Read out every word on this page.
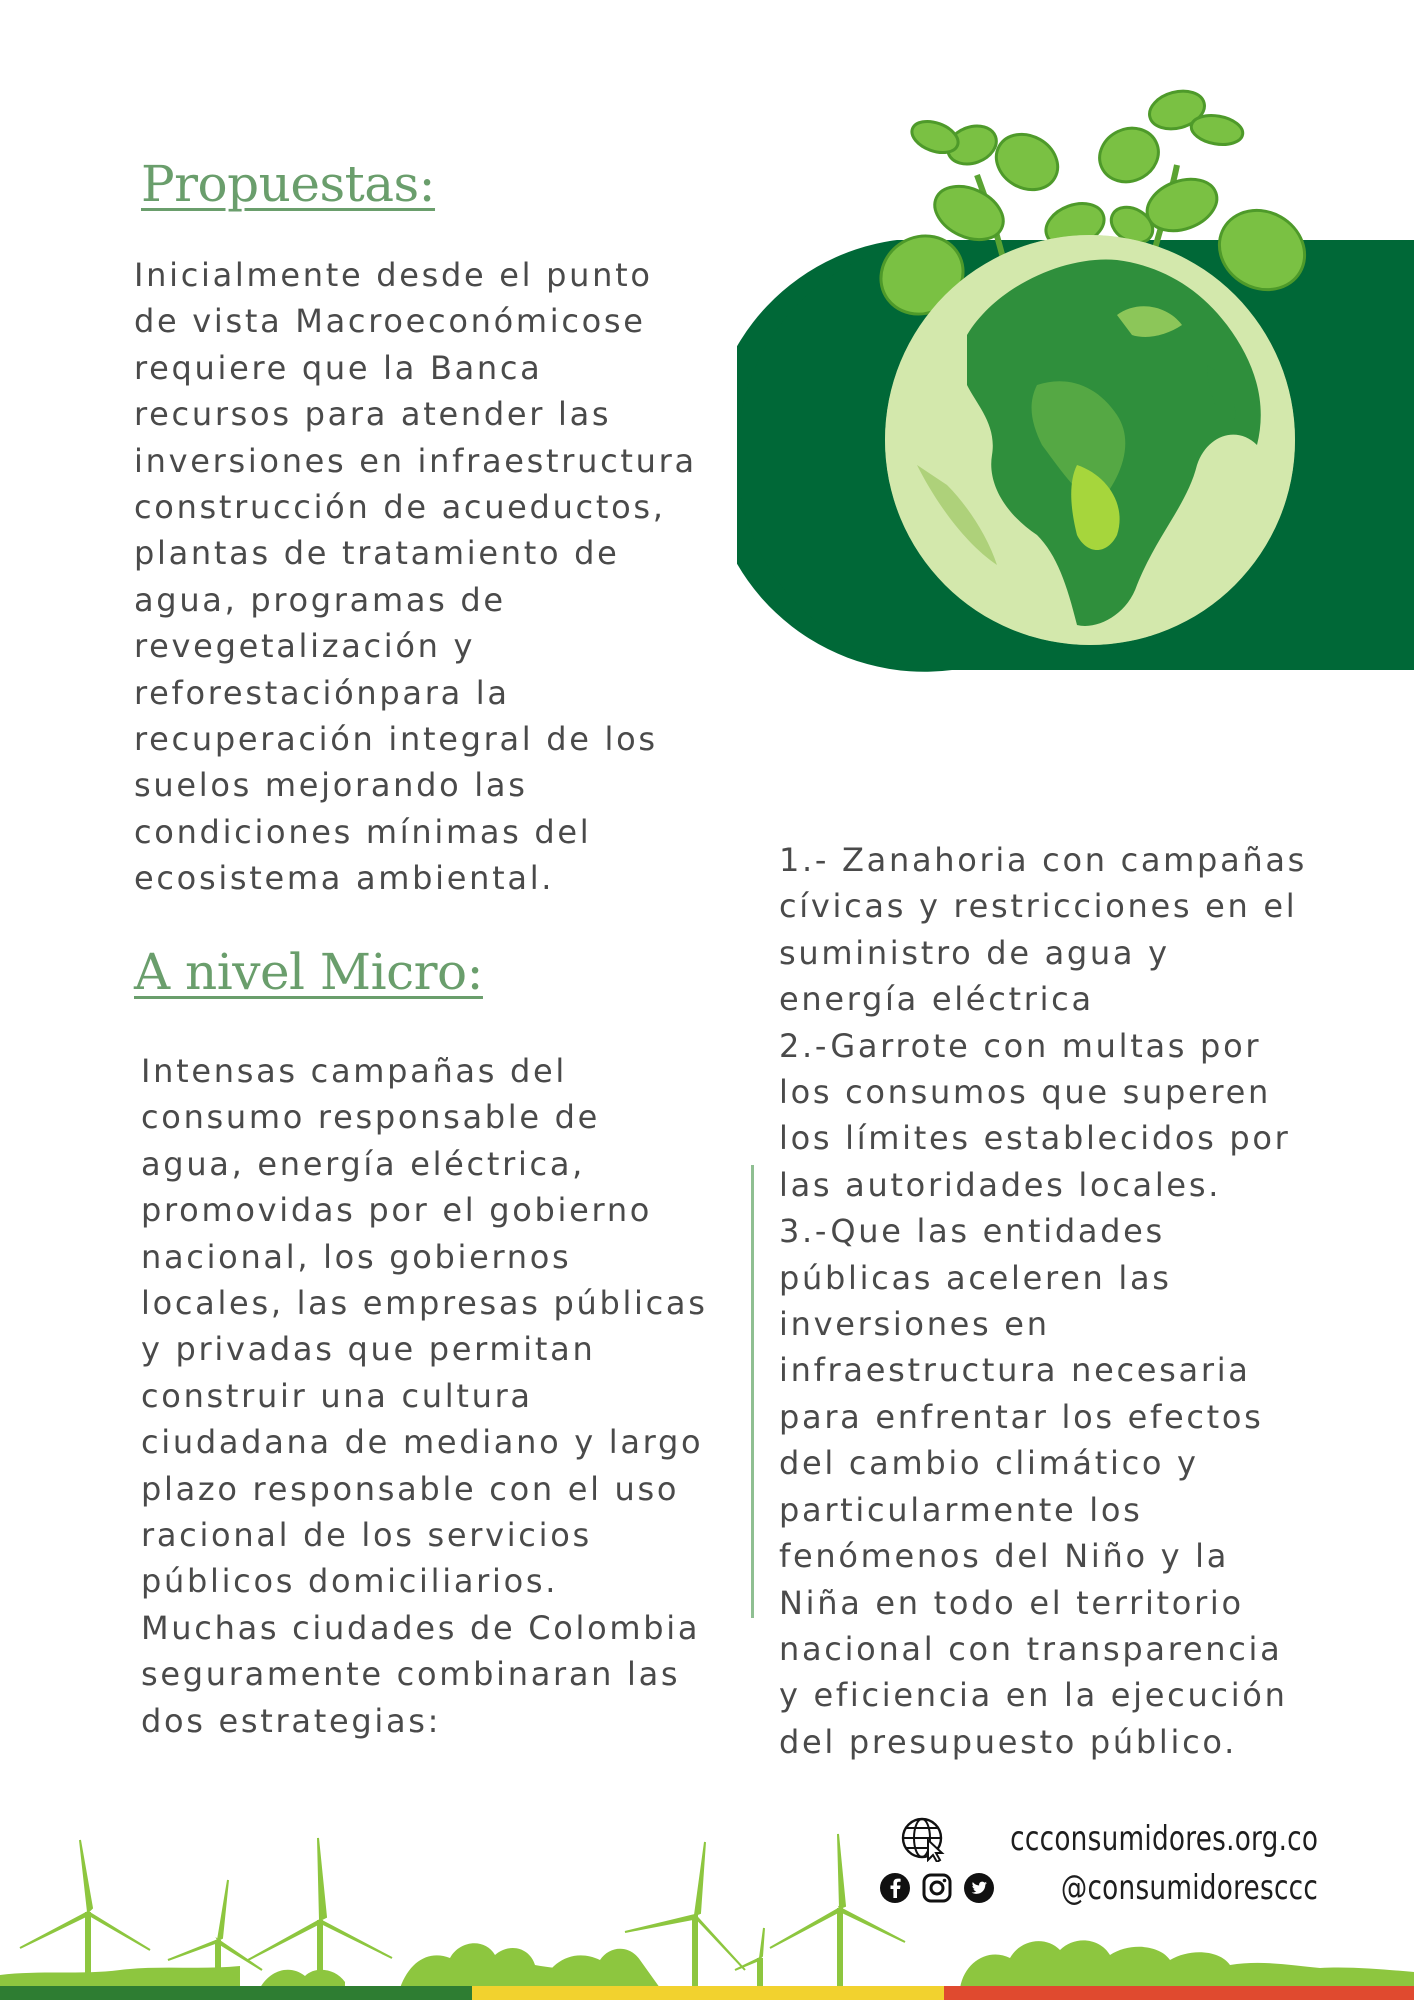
Propuestas:

Inicialmente desde el punto
de vista Macroeconómicose
requiere que la Banca
recursos para atender las
inversiones en infraestructura
construcción de acueductos,
plantas de tratamiento de
agua, programas de
revegetalización y
reforestaciónpara la
recuperación integral de los
suelos mejorando las
condiciones mínimas del
ecosistema ambiental.

A nivel Micro:

Intensas campañas del
consumo responsable de
agua, energía eléctrica,
promovidas por el gobierno
nacional, los gobiernos
locales, las empresas públicas
y privadas que permitan
construir una cultura
ciudadana de mediano y largo
plazo responsable con el uso
racional de los servicios
públicos domiciliarios.
Muchas ciudades de Colombia
seguramente combinaran las
dos estrategias:

1.- Zanahoria con campañas
cívicas y restricciones en el
suministro de agua y
energía eléctrica
2.-Garrote con multas por
los consumos que superen
los límites establecidos por
las autoridades locales.
3.-Que las entidades
públicas aceleren las
inversiones en
infraestructura necesaria
para enfrentar los efectos
del cambio climático y
particularmente los
fenómenos del Niño y la
Niña en todo el territorio
nacional con transparencia
y eficiencia en la ejecución
del presupuesto público.

ccconsumidores.org.co
@consumidoresccc
